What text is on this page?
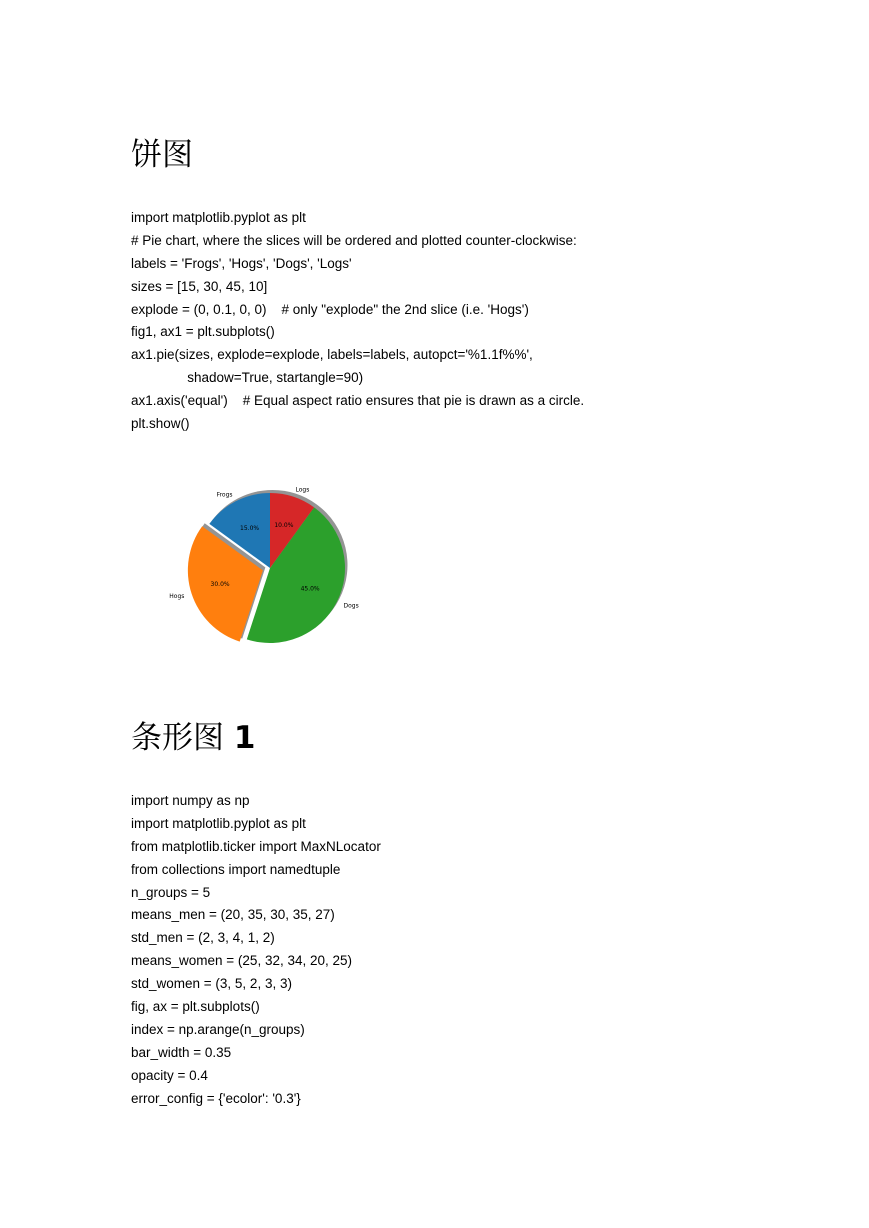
饼图
import matplotlib.pyplot as plt
# Pie chart, where the slices will be ordered and plotted counter-clockwise:
labels = 'Frogs', 'Hogs', 'Dogs', 'Logs'
sizes = [15, 30, 45, 10]
explode = (0, 0.1, 0, 0)    # only "explode" the 2nd slice (i.e. 'Hogs')
fig1, ax1 = plt.subplots()
ax1.pie(sizes, explode=explode, labels=labels, autopct='%1.1f%%',
shadow=True, startangle=90)
ax1.axis('equal')    # Equal aspect ratio ensures that pie is drawn as a circle.
plt.show()
条形图 1
import numpy as np
import matplotlib.pyplot as plt
from matplotlib.ticker import MaxNLocator
from collections import namedtuple
n_groups = 5
means_men = (20, 35, 30, 35, 27)
std_men = (2, 3, 4, 1, 2)
means_women = (25, 32, 34, 20, 25)
std_women = (3, 5, 2, 3, 3)
fig, ax = plt.subplots()
index = np.arange(n_groups)
bar_width = 0.35
opacity = 0.4
error_config = {'ecolor': '0.3'}
Frogs
15.0%
Hogs
30.0%
Dogs
45.0%
Logs
10.0%
